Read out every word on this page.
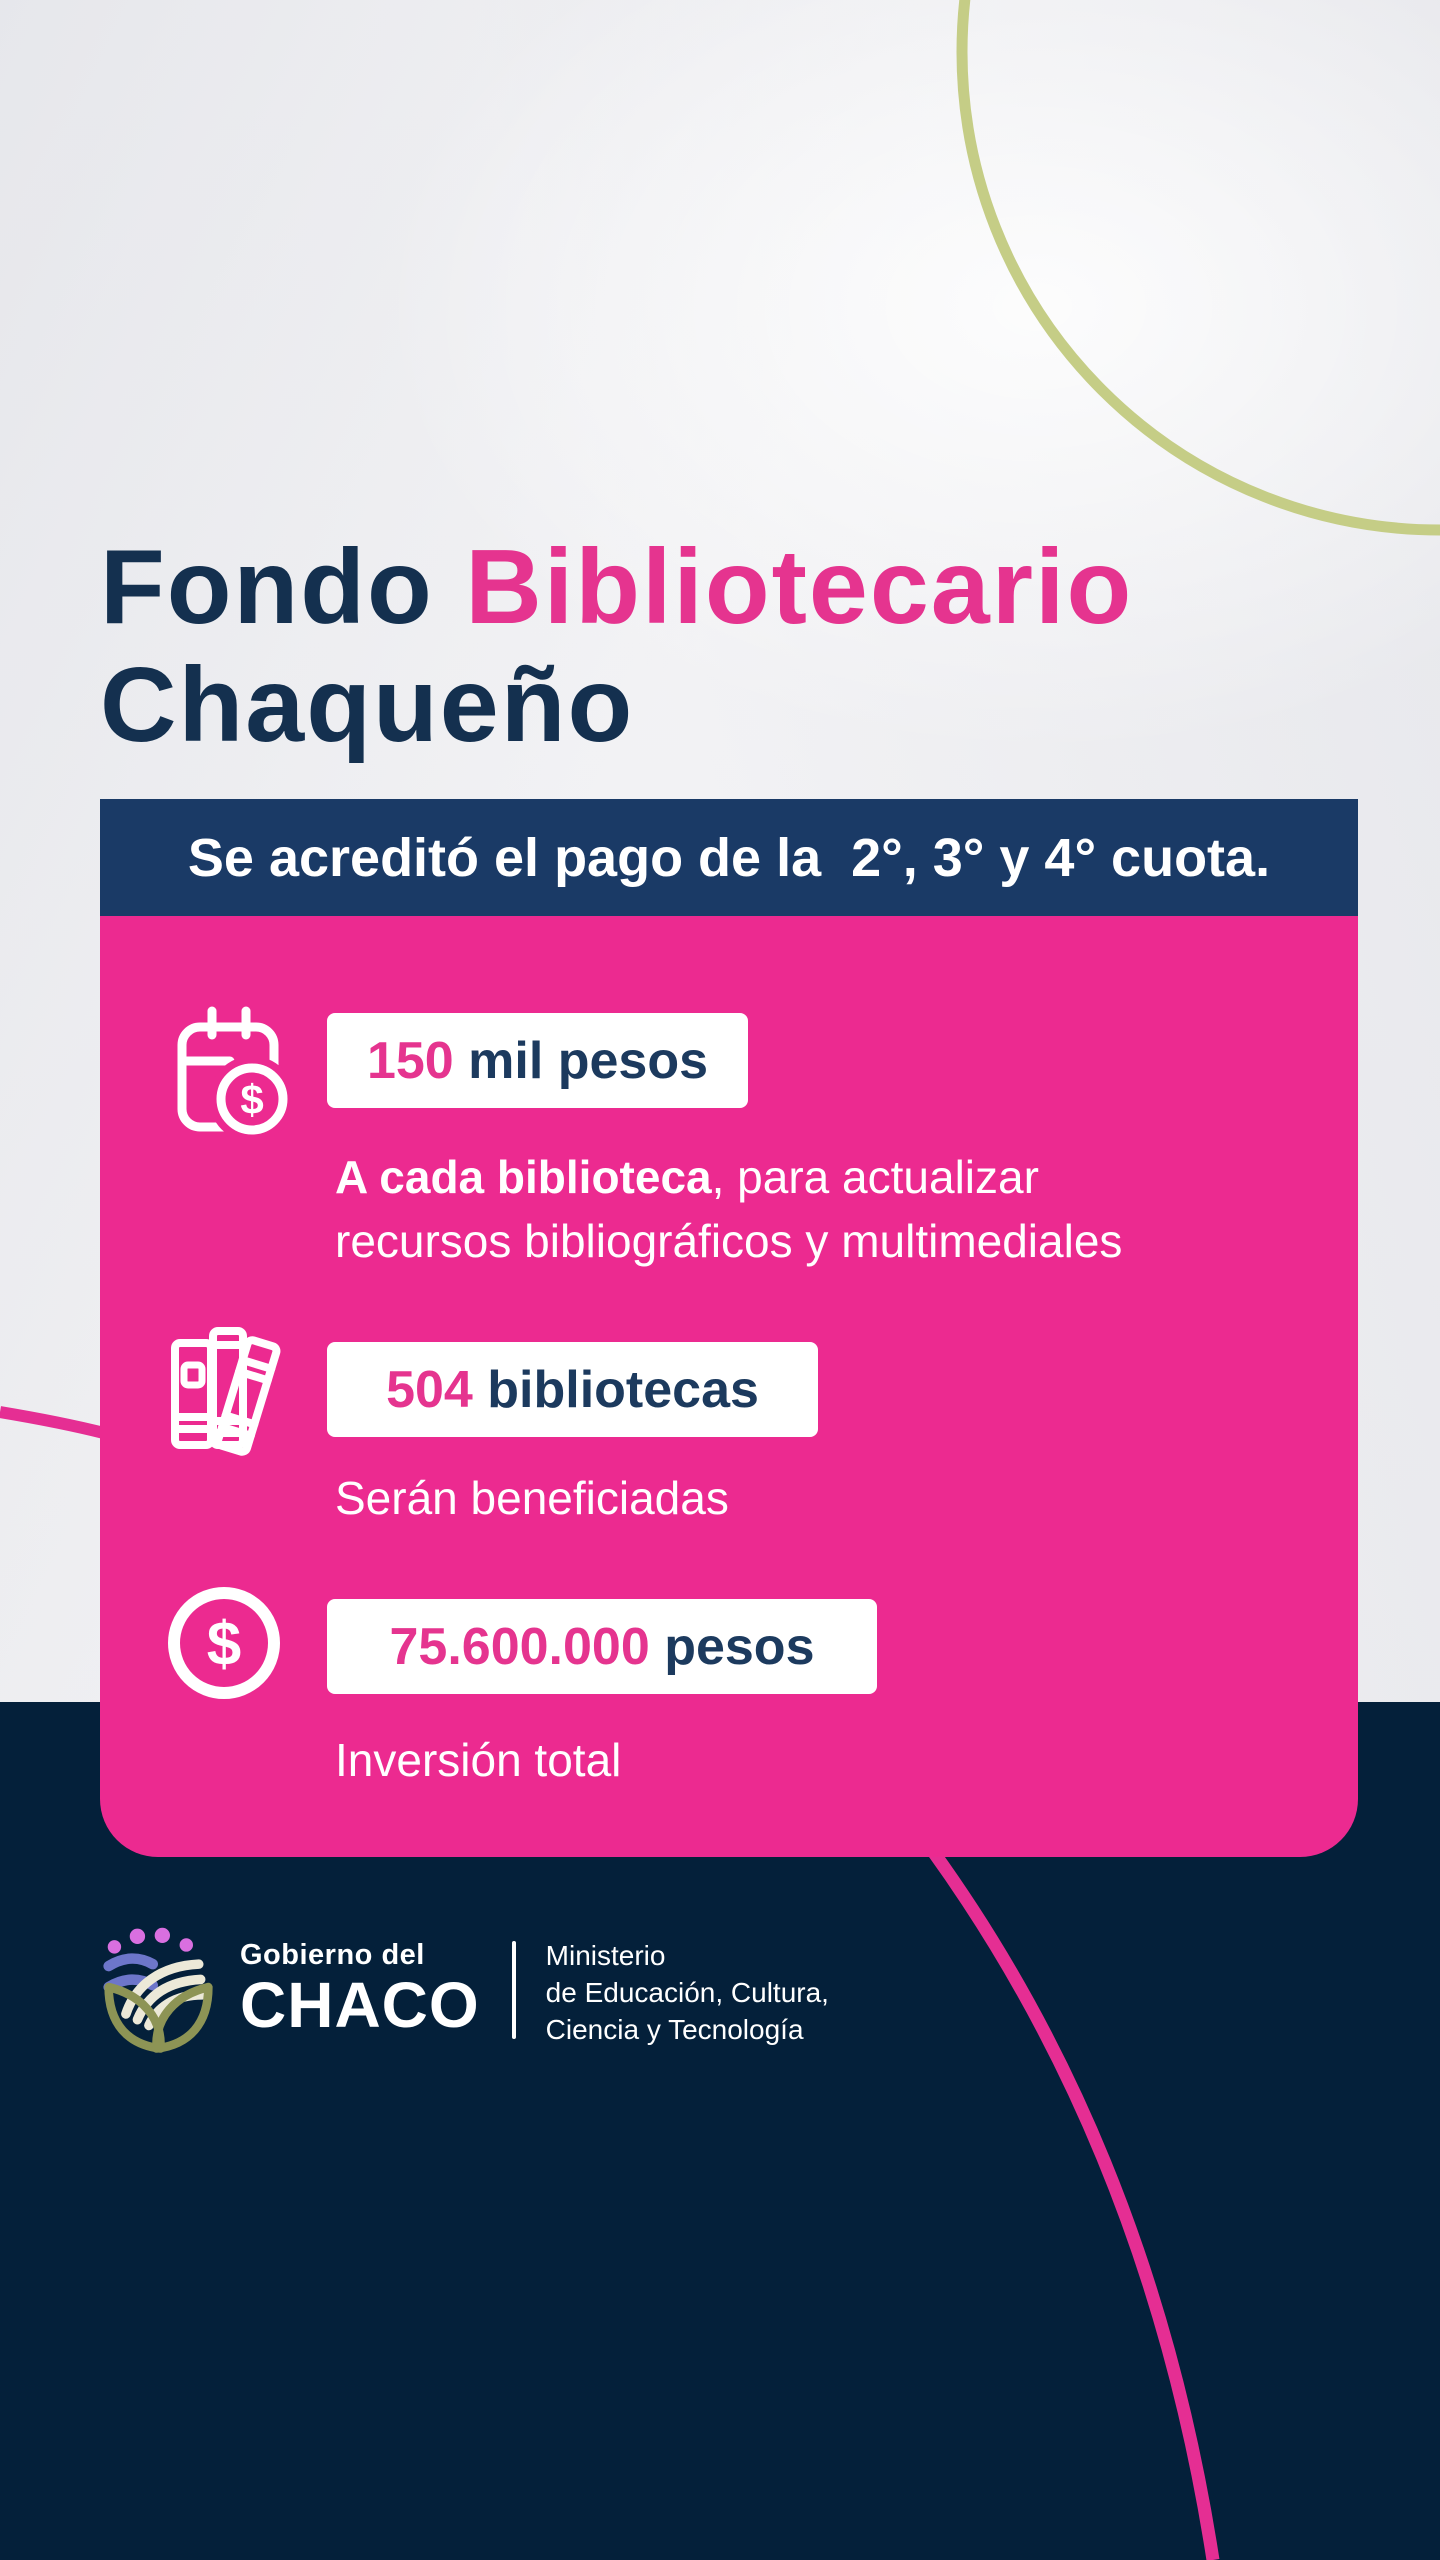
Fondo Bibliotecario
Chaqueño
Se acreditó el pago de la  2°, 3° y 4° cuota.
$
150 mil pesos
A cada biblioteca, para actualizar
recursos bibliográficos y multimediales
504 bibliotecas
Serán beneficiadas
$	75.600.000 pesos
Inversión total
Gobierno del
CHACO
Ministerio
de Educación, Cultura,
Ciencia y Tecnología
